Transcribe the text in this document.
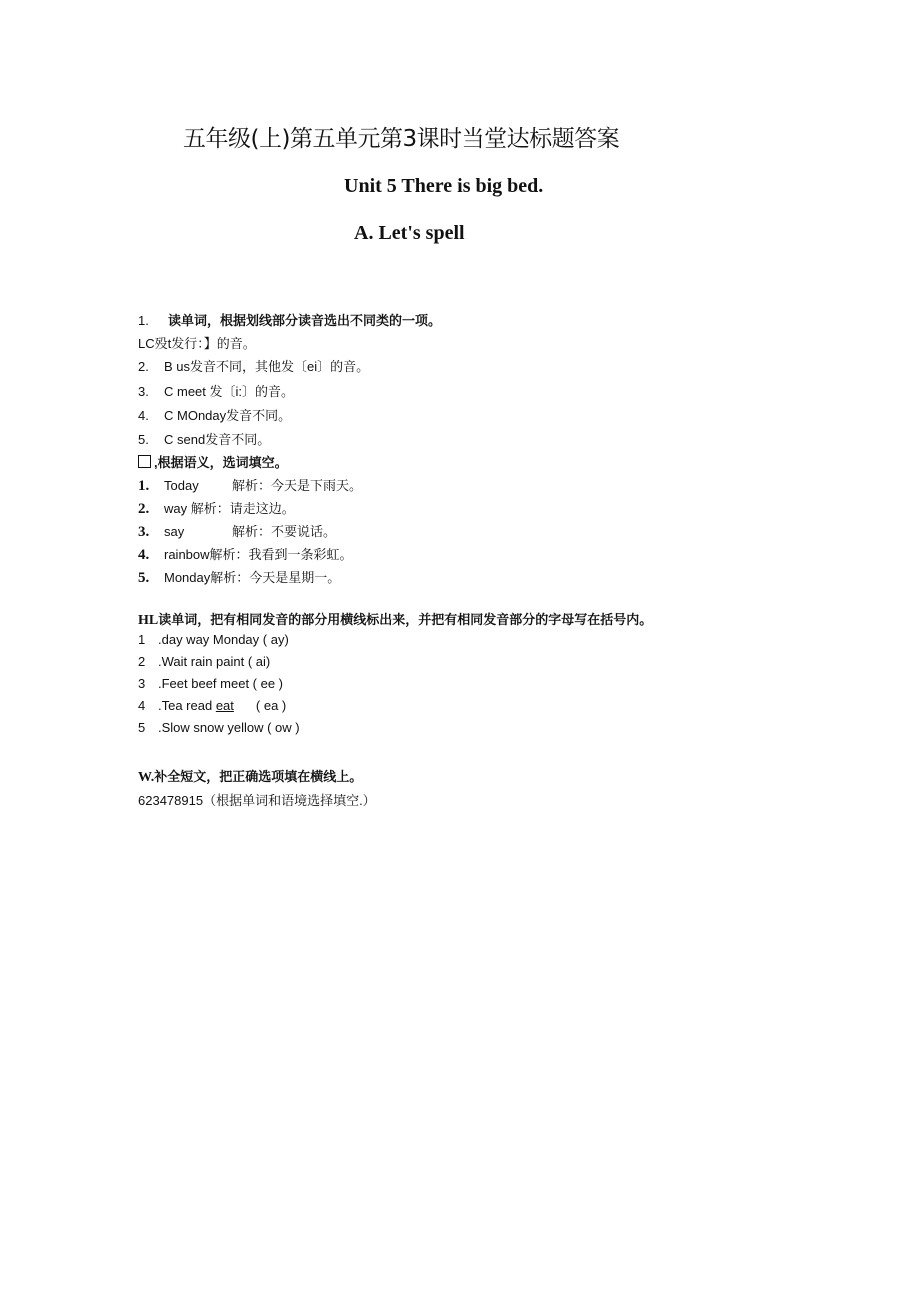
五年级(上)第五单元第3课时当堂达标题答案
Unit 5 There is big bed.
A. Let's spell
1. 读单词，根据划线部分读音选出不同类的一项。
LC殁t发行：】的音。
2. B us发音不同，其他发〔ei〕的音。
3. C meet 发〔i:〕的音。
4. C MOnday发音不同。
5. C send发音不同。
,根据语义，选词填空。
1. Today	解析：今天是下雨天。
2. way 解析：请走这边。
3. say	解析：不要说话。
4. rainbow解析：我看到一条彩虹。
5. Monday解析：今天是星期一。
HL读单词，把有相同发音的部分用横线标出来，并把有相同发音部分的字母写在括号内。
1 .day way Monday ( ay)
2 .Wait rain paint ( ai)
3 .Feet beef meet ( ee )
4 .Tea read eat ( ea )
5 .Slow snow yellow ( ow )
W.补全短文，把正确选项填在横线上。
623478915（根据单词和语境选择填空.）
